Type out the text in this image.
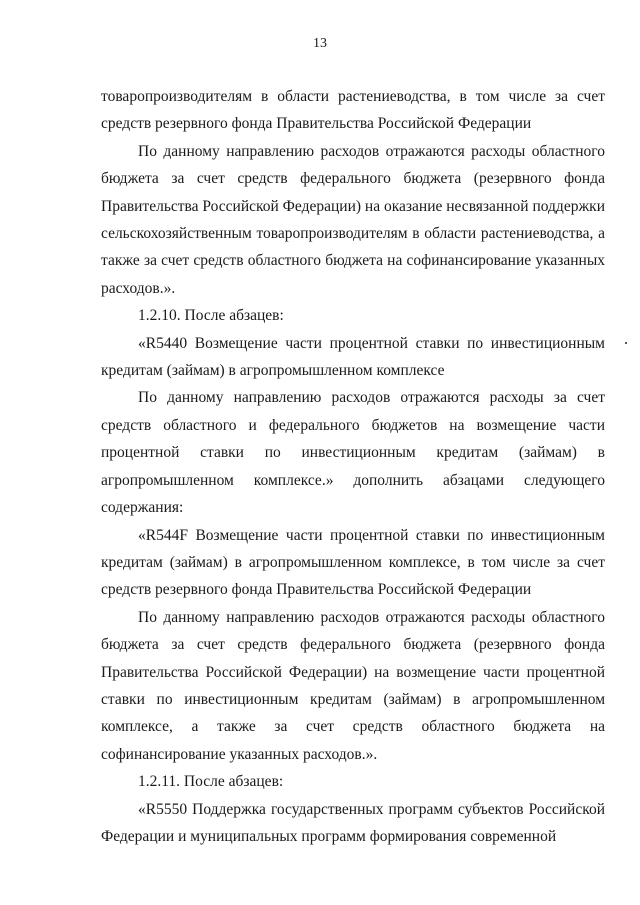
13

товаропроизводителям в области растениеводства, в том числе за счет средств резервного фонда Правительства Российской Федерации

По данному направлению расходов отражаются расходы областного бюджета за счет средств федерального бюджета (резервного фонда Правительства Российской Федерации) на оказание несвязанной поддержки сельскохозяйственным товаропроизводителям в области растениеводства, а также за счет средств областного бюджета на софинансирование указанных расходов.».

1.2.10. После абзацев:

«R5440 Возмещение части процентной ставки по инвестиционным кредитам (займам) в агропромышленном комплексе

По данному направлению расходов отражаются расходы за счет средств областного и федерального бюджетов на возмещение части процентной ставки по инвестиционным кредитам (займам) в агропромышленном комплексе.» дополнить абзацами следующего содержания:

«R544F Возмещение части процентной ставки по инвестиционным кредитам (займам) в агропромышленном комплексе, в том числе за счет средств резервного фонда Правительства Российской Федерации

По данному направлению расходов отражаются расходы областного бюджета за счет средств федерального бюджета (резервного фонда Правительства Российской Федерации) на возмещение части процентной ставки по инвестиционным кредитам (займам) в агропромышленном комплексе, а также за счет средств областного бюджета на софинансирование указанных расходов.».

1.2.11. После абзацев:

«R5550 Поддержка государственных программ субъектов Российской Федерации и муниципальных программ формирования современной
